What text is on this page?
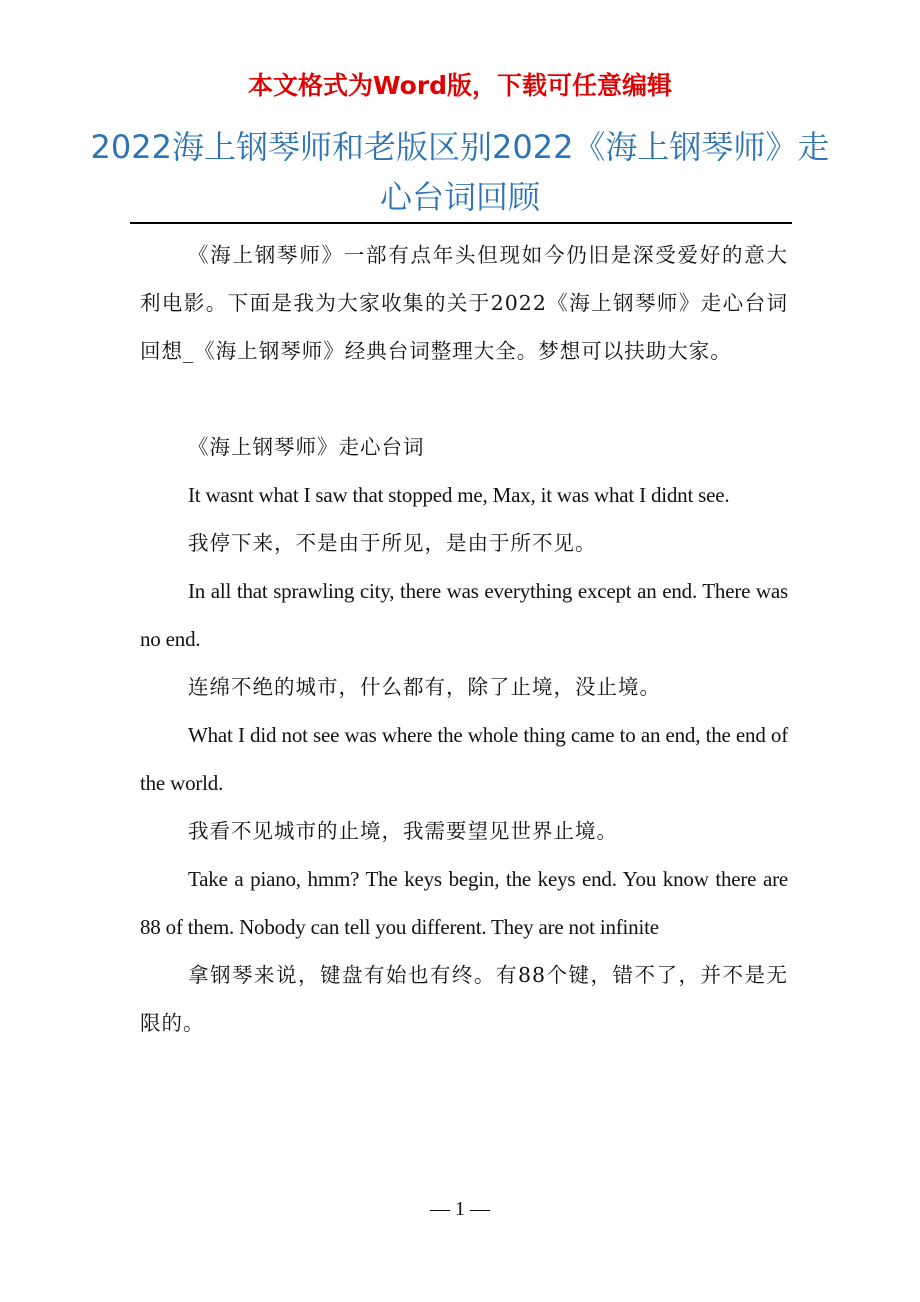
本文格式为Word版，下载可任意编辑
2022海上钢琴师和老版区别2022《海上钢琴师》走心台词回顾

《海上钢琴师》一部有点年头但现如今仍旧是深受爱好的意大利电影。下面是我为大家收集的关于2022《海上钢琴师》走心台词回想_《海上钢琴师》经典台词整理大全。梦想可以扶助大家。

《海上钢琴师》走心台词

It wasnt what I saw that stopped me, Max, it was what I didnt see.

我停下来，不是由于所见，是由于所不见。

In all that sprawling city, there was everything except an end. There was no end.

连绵不绝的城市，什么都有，除了止境，没止境。

What I did not see was where the whole thing came to an end, the end of the world.

我看不见城市的止境，我需要望见世界止境。

Take a piano, hmm? The keys begin, the keys end. You know there are 88 of them. Nobody can tell you different. They are not infinite

拿钢琴来说，键盘有始也有终。有88个键，错不了，并不是无限的。

— 1 —
